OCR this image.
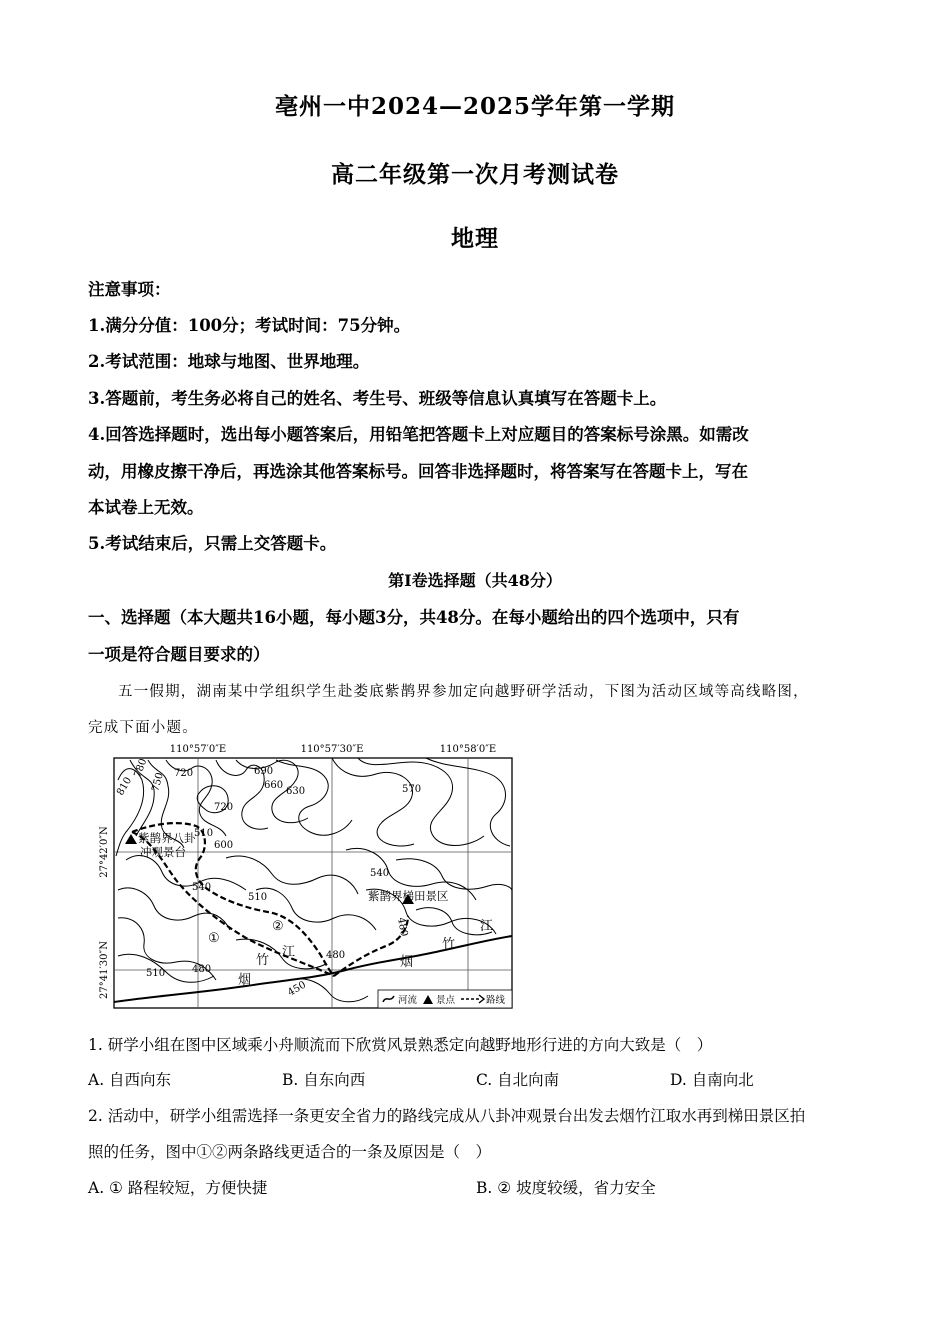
亳州一中2024—2025学年第一学期
高二年级第一次月考测试卷
地理
注意事项：
1.满分分值：100分；考试时间：75分钟。
2.考试范围：地球与地图、世界地理。
3.答题前，考生务必将自己的姓名、考生号、班级等信息认真填写在答题卡上。
4.回答选择题时，选出每小题答案后，用铅笔把答题卡上对应题目的答案标号涂黑。如需改
动，用橡皮擦干净后，再选涂其他答案标号。回答非选择题时，将答案写在答题卡上，写在
本试卷上无效。
5.考试结束后，只需上交答题卡。
第Ⅰ卷选择题（共48分）
一、选择题（本大题共16小题，每小题3分，共48分。在每小题给出的四个选项中，只有
一项是符合题目要求的）
五一假期，湖南某中学组织学生赴娄底紫鹊界参加定向越野研学活动，下图为活动区域等高线略图，
完成下面小题。
110°57′0″E	110°57′30″E	110°58′0″E
27°42′0″N
27°41′30″N
810
780
750 720	690
660
630	570
720
600
540
510
540
510	480
450
480
510
480
紫鹊界八卦
冲观景台
紫鹊界梯田景区
①
②
竹
江
烟
竹
江
烟
河流 景点	路线
1. 研学小组在图中区域乘小舟顺流而下欣赏风景熟悉定向越野地形行进的方向大致是（　）
A. 自西向东	B. 自东向西	C. 自北向南	D. 自南向北
2. 活动中，研学小组需选择一条更安全省力的路线完成从八卦冲观景台出发去烟竹江取水再到梯田景区拍
照的任务，图中①②两条路线更适合的一条及原因是（　）
A. ① 路程较短，方便快捷	B. ② 坡度较缓，省力安全
